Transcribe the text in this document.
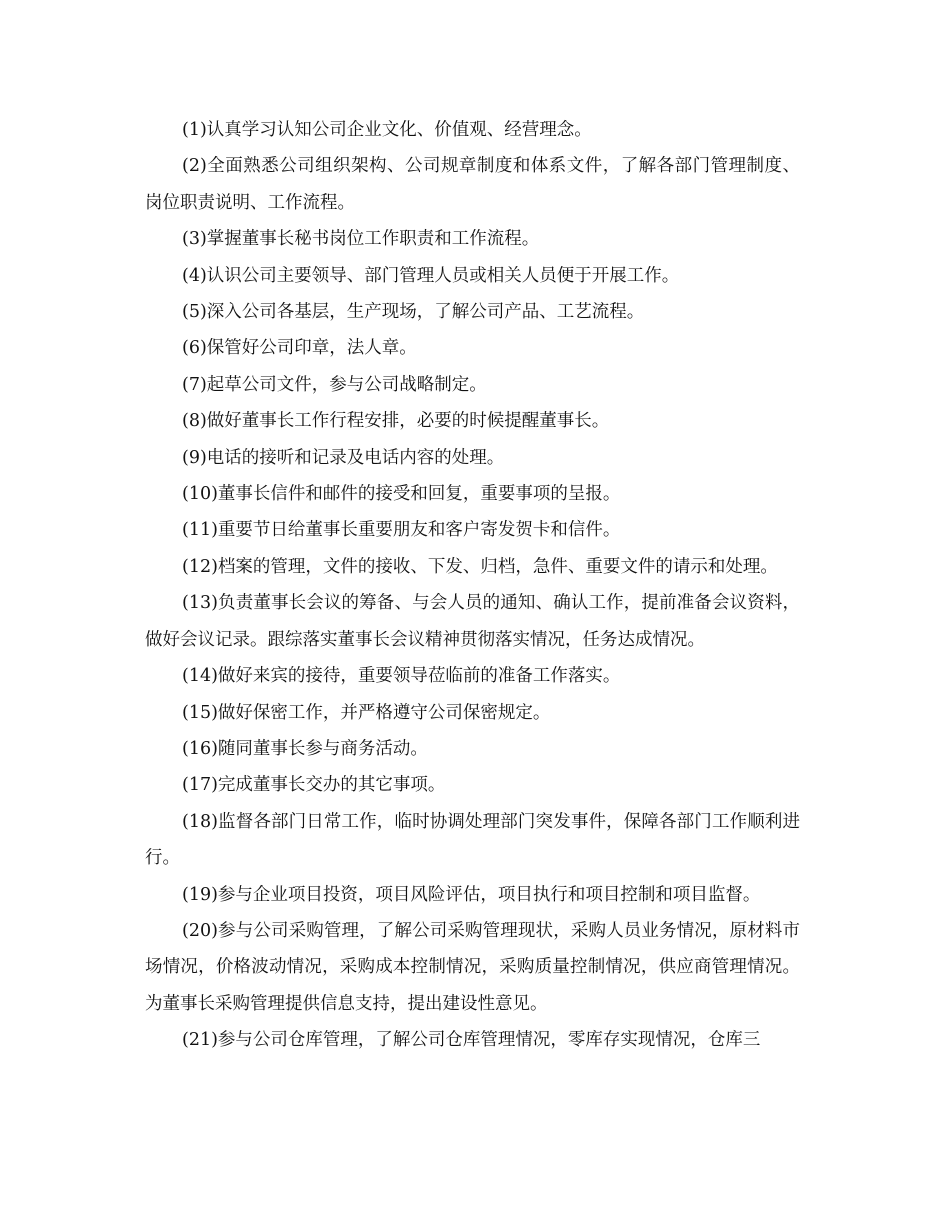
(1)认真学习认知公司企业文化、价值观、经营理念。

(2)全面熟悉公司组织架构、公司规章制度和体系文件，了解各部门管理制度、岗位职责说明、工作流程。

(3)掌握董事长秘书岗位工作职责和工作流程。

(4)认识公司主要领导、部门管理人员或相关人员便于开展工作。

(5)深入公司各基层，生产现场，了解公司产品、工艺流程。

(6)保管好公司印章，法人章。

(7)起草公司文件，参与公司战略制定。

(8)做好董事长工作行程安排，必要的时候提醒董事长。

(9)电话的接听和记录及电话内容的处理。

(10)董事长信件和邮件的接受和回复，重要事项的呈报。

(11)重要节日给董事长重要朋友和客户寄发贺卡和信件。

(12)档案的管理，文件的接收、下发、归档，急件、重要文件的请示和处理。

(13)负责董事长会议的筹备、与会人员的通知、确认工作，提前准备会议资料，做好会议记录。跟综落实董事长会议精神贯彻落实情况，任务达成情况。

(14)做好来宾的接待，重要领导莅临前的准备工作落实。

(15)做好保密工作，并严格遵守公司保密规定。

(16)随同董事长参与商务活动。

(17)完成董事长交办的其它事项。

(18)监督各部门日常工作，临时协调处理部门突发事件，保障各部门工作顺利进行。

(19)参与企业项目投资，项目风险评估，项目执行和项目控制和项目监督。

(20)参与公司采购管理，了解公司采购管理现状，采购人员业务情况，原材料市场情况，价格波动情况，采购成本控制情况，采购质量控制情况，供应商管理情况。为董事长采购管理提供信息支持，提出建设性意见。

(21)参与公司仓库管理，了解公司仓库管理情况，零库存实现情况，仓库三
